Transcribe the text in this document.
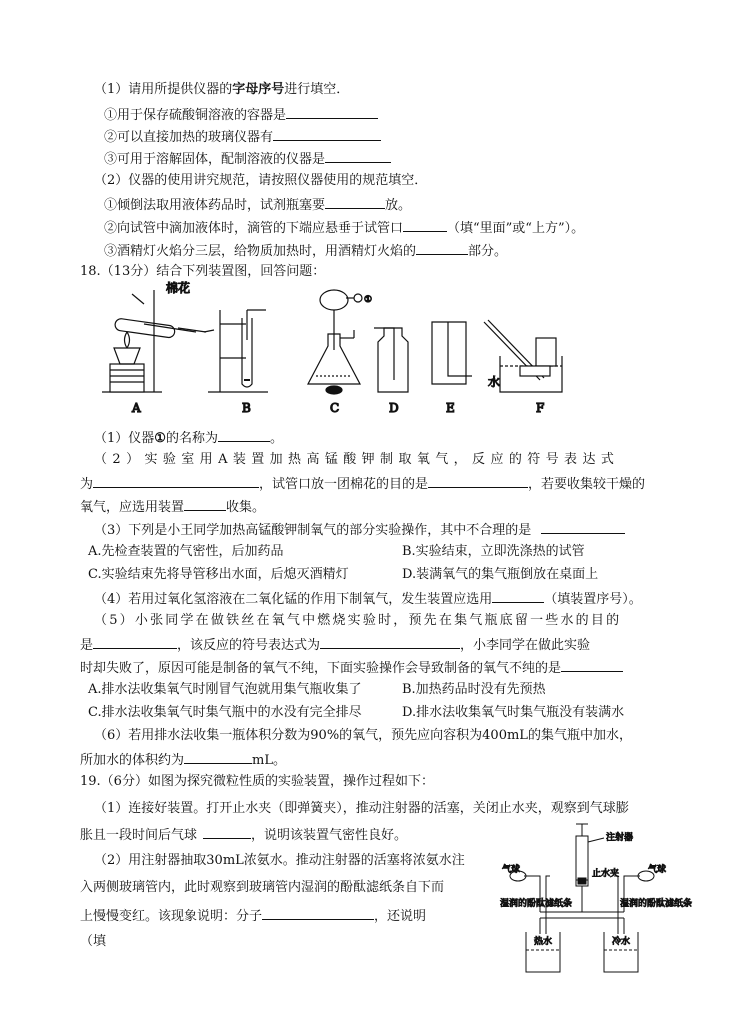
（1）请用所提供仪器的字母序号进行填空．
①用于保存硫酸铜溶液的容器是
②可以直接加热的玻璃仪器有
③可用于溶解固体，配制溶液的仪器是
（2）仪器的使用讲究规范，请按照仪器使用的规范填空．
①倾倒法取用液体药品时，试剂瓶塞要	放。
②向试管中滴加液体时，滴管的下端应悬垂于试管口	（填“里面”或“上方”）。
③酒精灯火焰分三层，给物质加热时，用酒精灯火焰的	部分。
18.（13分）结合下列装置图，回答问题：
棉花
A	B
①
C	D	E
水
F
（1）仪器①的名称为	。
（2）实验室用A装置加热高锰酸钾制取氧气，反应的符号表达式
为	，试管口放一团棉花的目的是	，若要收集较干燥的
氧气，应选用装置	收集。
（3）下列是小王同学加热高锰酸钾制氧气的部分实验操作，其中不合理的是
A.先检查装置的气密性，后加药品	B.实验结束，立即洗涤热的试管
C.实验结束先将导管移出水面，后熄灭酒精灯	D.装满氧气的集气瓶倒放在桌面上
（4）若用过氧化氢溶液在二氧化锰的作用下制氧气，发生装置应选用	（填装置序号）。
（5）小张同学在做铁丝在氧气中燃烧实验时，预先在集气瓶底留一些水的目的
是	，该反应的符号表达式为	，小李同学在做此实验
时却失败了，原因可能是制备的氧气不纯，下面实验操作会导致制备的氧气不纯的是
A.排水法收集氧气时刚冒气泡就用集气瓶收集了	B.加热药品时没有先预热
C.排水法收集氧气时集气瓶中的水没有完全排尽	D.排水法收集氧气时集气瓶没有装满水
（6）若用排水法收集一瓶体积分数为90%的氧气，预先应向容积为400mL的集气瓶中加水，
所加水的体积约为	mL。
19.（6分）如图为探究微粒性质的实验装置，操作过程如下：
（1）连接好装置。打开止水夹（即弹簧夹），推动注射器的活塞，关闭止水夹，观察到气球膨
胀且一段时间后气球	，说明该装置气密性良好。
（2）用注射器抽取30mL浓氨水。推动注射器的活塞将浓氨水注
入两侧玻璃管内，此时观察到玻璃管内湿润的酚酞滤纸条自下而
上慢慢变红。该现象说明：分子	，还说明
（填
注射器
止水夹
气球
湿润的酚酞滤纸条
气球
湿润的酚酞滤纸条
热水	冷水
